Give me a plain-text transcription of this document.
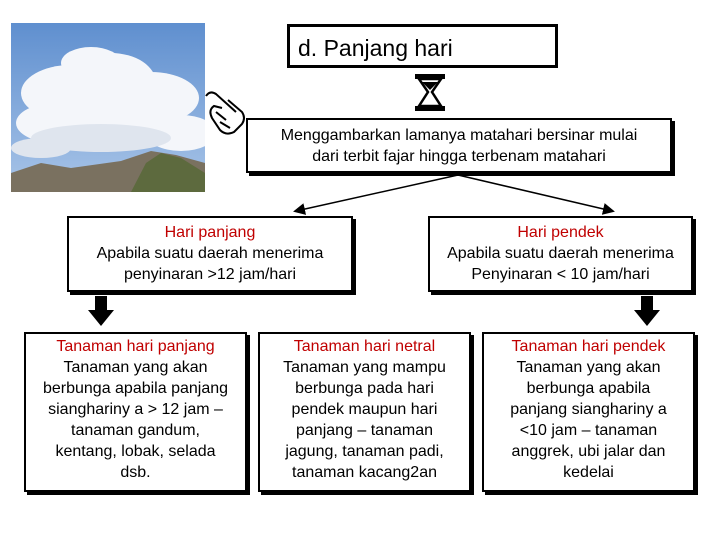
d. Panjang hari
Menggambarkan lamanya matahari bersinar mulai
dari terbit fajar hingga terbenam matahari
Hari panjang
Apabila suatu daerah menerima
penyinaran >12 jam/hari
Hari pendek
Apabila suatu daerah menerima
Penyinaran < 10 jam/hari
Tanaman hari panjang
Tanaman yang akan
berbunga apabila panjang
sianghariny a > 12 jam –
tanaman gandum,
kentang, lobak, selada
dsb.
Tanaman hari netral
Tanaman yang mampu
berbunga pada hari
pendek maupun hari
panjang – tanaman
jagung, tanaman padi,
tanaman kacang2an
Tanaman hari pendek
Tanaman yang akan
berbunga apabila
panjang sianghariny a
<10 jam – tanaman
anggrek, ubi jalar dan
kedelai
